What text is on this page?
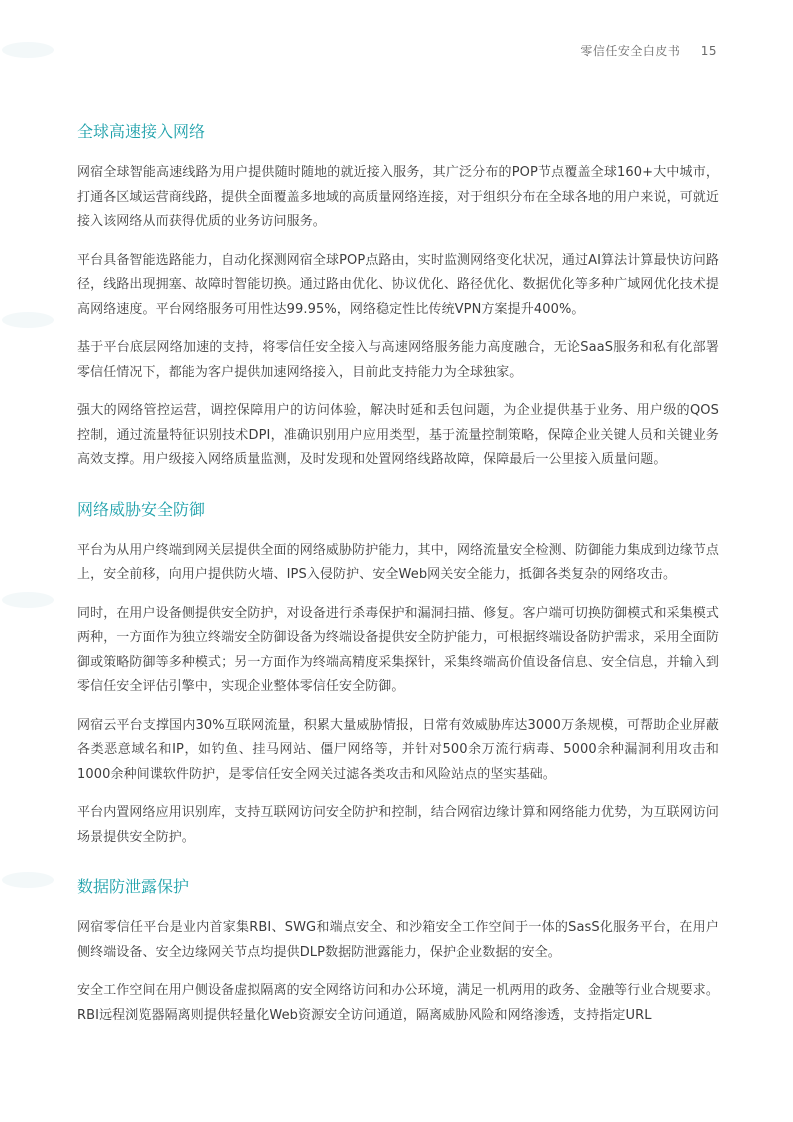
零信任安全白皮书 15
全球高速接入网络

网宿全球智能高速线路为用户提供随时随地的就近接入服务，其广泛分布的POP节点覆盖全球160+大中城市，打通各区域运营商线路，提供全面覆盖多地域的高质量网络连接，对于组织分布在全球各地的用户来说，可就近接入该网络从而获得优质的业务访问服务。

平台具备智能选路能力，自动化探测网宿全球POP点路由，实时监测网络变化状况，通过AI算法计算最快访问路径，线路出现拥塞、故障时智能切换。通过路由优化、协议优化、路径优化、数据优化等多种广域网优化技术提高网络速度。平台网络服务可用性达99.95%，网络稳定性比传统VPN方案提升400%。

基于平台底层网络加速的支持，将零信任安全接入与高速网络服务能力高度融合，无论SaaS服务和私有化部署零信任情况下，都能为客户提供加速网络接入，目前此支持能力为全球独家。

强大的网络管控运营，调控保障用户的访问体验，解决时延和丢包问题，为企业提供基于业务、用户级的QOS控制，通过流量特征识别技术DPI，准确识别用户应用类型，基于流量控制策略，保障企业关键人员和关键业务高效支撑。用户级接入网络质量监测，及时发现和处置网络线路故障，保障最后一公里接入质量问题。

网络威胁安全防御

平台为从用户终端到网关层提供全面的网络威胁防护能力，其中，网络流量安全检测、防御能力集成到边缘节点上，安全前移，向用户提供防火墙、IPS入侵防护、安全Web网关安全能力，抵御各类复杂的网络攻击。

同时，在用户设备侧提供安全防护，对设备进行杀毒保护和漏洞扫描、修复。客户端可切换防御模式和采集模式两种，一方面作为独立终端安全防御设备为终端设备提供安全防护能力，可根据终端设备防护需求，采用全面防御或策略防御等多种模式；另一方面作为终端高精度采集探针，采集终端高价值设备信息、安全信息，并输入到零信任安全评估引擎中，实现企业整体零信任安全防御。

网宿云平台支撑国内30%互联网流量，积累大量威胁情报，日常有效威胁库达3000万条规模，可帮助企业屏蔽各类恶意域名和IP，如钓鱼、挂马网站、僵尸网络等，并针对500余万流行病毒、5000余种漏洞利用攻击和1000余种间谍软件防护，是零信任安全网关过滤各类攻击和风险站点的坚实基础。

平台内置网络应用识别库，支持互联网访问安全防护和控制，结合网宿边缘计算和网络能力优势，为互联网访问场景提供安全防护。

数据防泄露保护

网宿零信任平台是业内首家集RBI、SWG和端点安全、和沙箱安全工作空间于一体的SasS化服务平台，在用户侧终端设备、安全边缘网关节点均提供DLP数据防泄露能力，保护企业数据的安全。

安全工作空间在用户侧设备虚拟隔离的安全网络访问和办公环境，满足一机两用的政务、金融等行业合规要求。RBI远程浏览器隔离则提供轻量化Web资源安全访问通道，隔离威胁风险和网络渗透，支持指定URL
